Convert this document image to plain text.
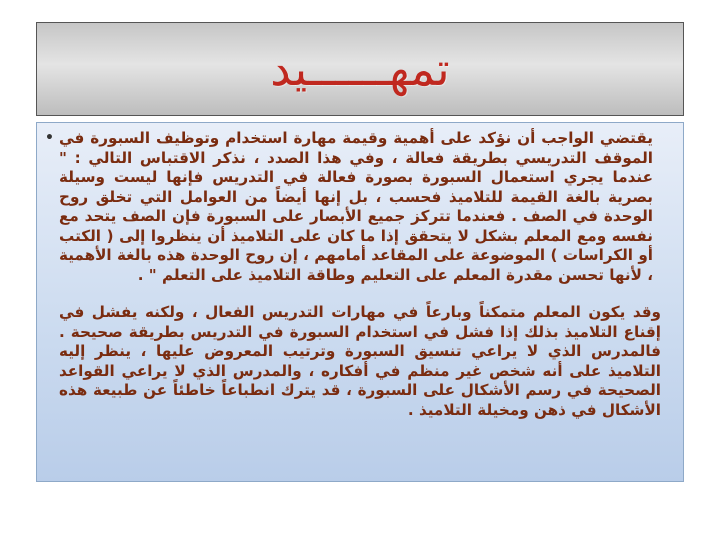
تمهــــــيد

• يقتضي الواجب أن نؤكد على أهمية وقيمة مهارة استخدام وتوظيف السبورة في الموقف التدريسي بطريقة فعالة ، وفي هذا الصدد ، نذكر الاقتباس التالي : " عندما يجري استعمال السبورة بصورة فعالة في التدريس فإنها ليست وسيلة بصرية بالغة القيمة للتلاميذ فحسب ، بل إنها أيضاً من العوامل التي تخلق روح الوحدة في الصف . فعندما تتركز جميع الأبصار على السبورة فإن الصف يتحد مع نفسه ومع المعلم بشكل لا يتحقق إذا ما كان على التلاميذ أن ينظروا إلى ( الكتب أو الكراسات ) الموضوعة على المقاعد أمامهم ، إن روح الوحدة هذه بالغة الأهمية ، لأنها تحسن مقدرة المعلم على التعليم وطاقة التلاميذ على التعلم " .

وقد يكون المعلم متمكناً وبارعاً في مهارات التدريس الفعال ، ولكنه يفشل في إقناع التلاميذ بذلك إذا فشل في استخدام السبورة في التدريس بطريقة صحيحة . فالمدرس الذي لا يراعي تنسيق السبورة وترتيب المعروض عليها ، ينظر إليه التلاميذ على أنه شخص غير منظم في أفكاره ، والمدرس الذي لا يراعي القواعد الصحيحة في رسم الأشكال على السبورة ، قد يترك انطباعاً خاطئاً عن طبيعة هذه الأشكال في ذهن ومخيلة التلاميذ .
